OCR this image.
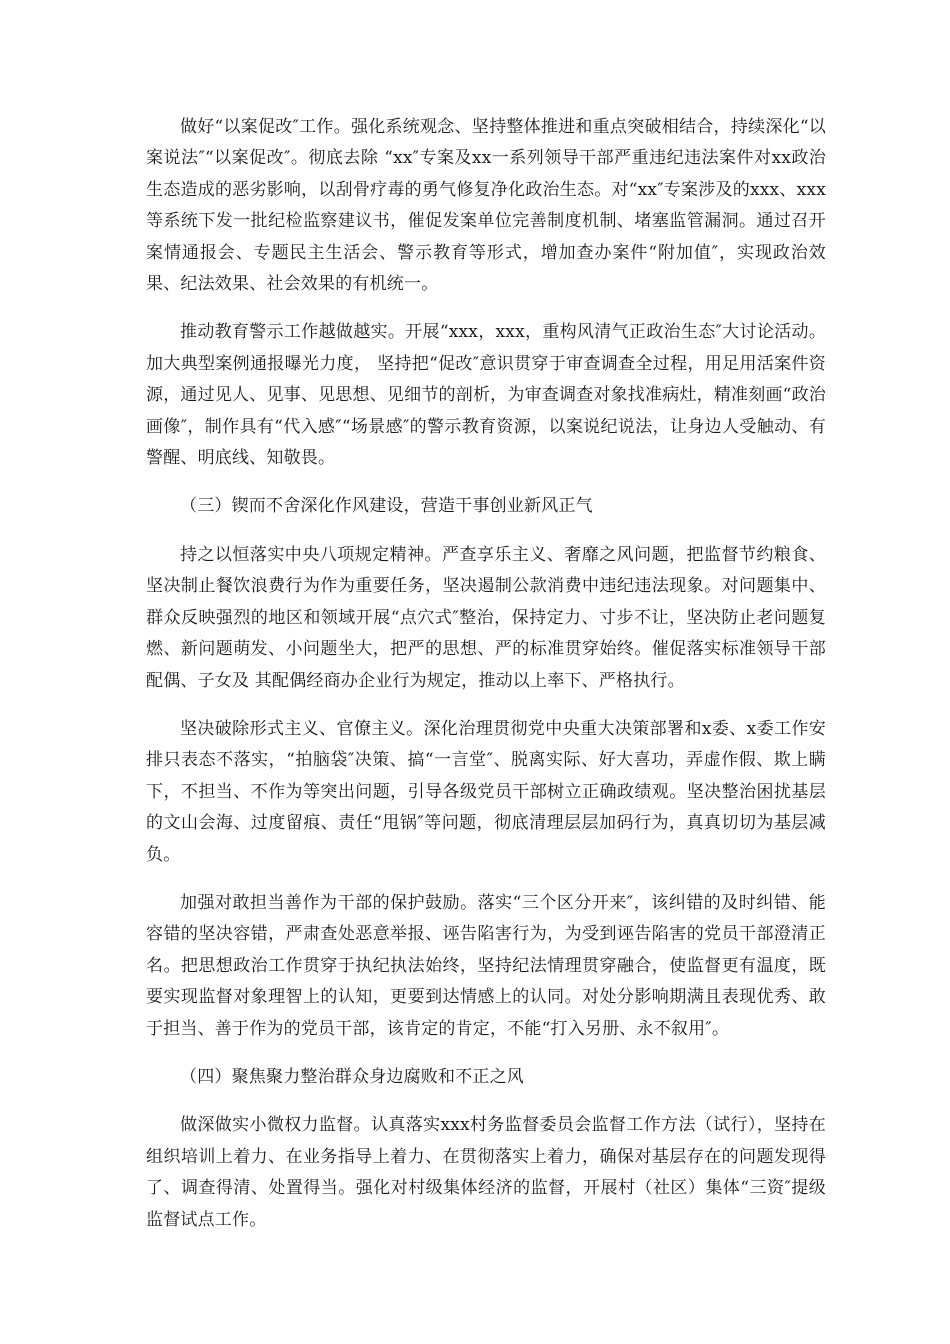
做好“以案促改″工作。强化系统观念、坚持整体推进和重点突破相结合，持续深化“以案说法″“以案促改″。彻底去除 “xx″专案及xx一系列领导干部严重违纪违法案件对xx政治生态造成的恶劣影响，以刮骨疗毒的勇气修复净化政治生态。对“xx″专案涉及的xxx、xxx等系统下发一批纪检监察建议书，催促发案单位完善制度机制、堵塞监管漏洞。通过召开案情通报会、专题民主生活会、警示教育等形式，增加查办案件“附加值″，实现政治效果、纪法效果、社会效果的有机统一。

推动教育警示工作越做越实。开展“xxx，xxx，重构风清气正政治生态″大讨论活动。加大典型案例通报曝光力度， 坚持把“促改″意识贯穿于审查调查全过程，用足用活案件资源，通过见人、见事、见思想、见细节的剖析，为审查调查对象找准病灶，精准刻画“政治画像″，制作具有“代入感″“场景感″的警示教育资源，以案说纪说法，让身边人受触动、有警醒、明底线、知敬畏。

（三）锲而不舍深化作风建设，营造干事创业新风正气

持之以恒落实中央八项规定精神。严查享乐主义、奢靡之风问题，把监督节约粮食、坚决制止餐饮浪费行为作为重要任务，坚决遏制公款消费中违纪违法现象。对问题集中、群众反映强烈的地区和领域开展“点穴式″整治，保持定力、寸步不让，坚决防止老问题复燃、新问题萌发、小问题坐大，把严的思想、严的标准贯穿始终。催促落实标准领导干部配偶、子女及 其配偶经商办企业行为规定，推动以上率下、严格执行。

坚决破除形式主义、官僚主义。深化治理贯彻党中央重大决策部署和x委、x委工作安排只表态不落实，“拍脑袋″决策、搞“一言堂″、脱离实际、好大喜功，弄虚作假、欺上瞒下，不担当、不作为等突出问题，引导各级党员干部树立正确政绩观。坚决整治困扰基层的文山会海、过度留痕、责任“甩锅″等问题，彻底清理层层加码行为，真真切切为基层减负。

加强对敢担当善作为干部的保护鼓励。落实“三个区分开来″，该纠错的及时纠错、能容错的坚决容错，严肃查处恶意举报、诬告陷害行为，为受到诬告陷害的党员干部澄清正名。把思想政治工作贯穿于执纪执法始终，坚持纪法情理贯穿融合，使监督更有温度，既要实现监督对象理智上的认知，更要到达情感上的认同。对处分影响期满且表现优秀、敢于担当、善于作为的党员干部，该肯定的肯定，不能“打入另册、永不叙用″。

（四）聚焦聚力整治群众身边腐败和不正之风

做深做实小微权力监督。认真落实xxx村务监督委员会监督工作方法（试行），坚持在组织培训上着力、在业务指导上着力、在贯彻落实上着力，确保对基层存在的问题发现得了、调查得清、处置得当。强化对村级集体经济的监督，开展村（社区）集体“三资″提级监督试点工作。
